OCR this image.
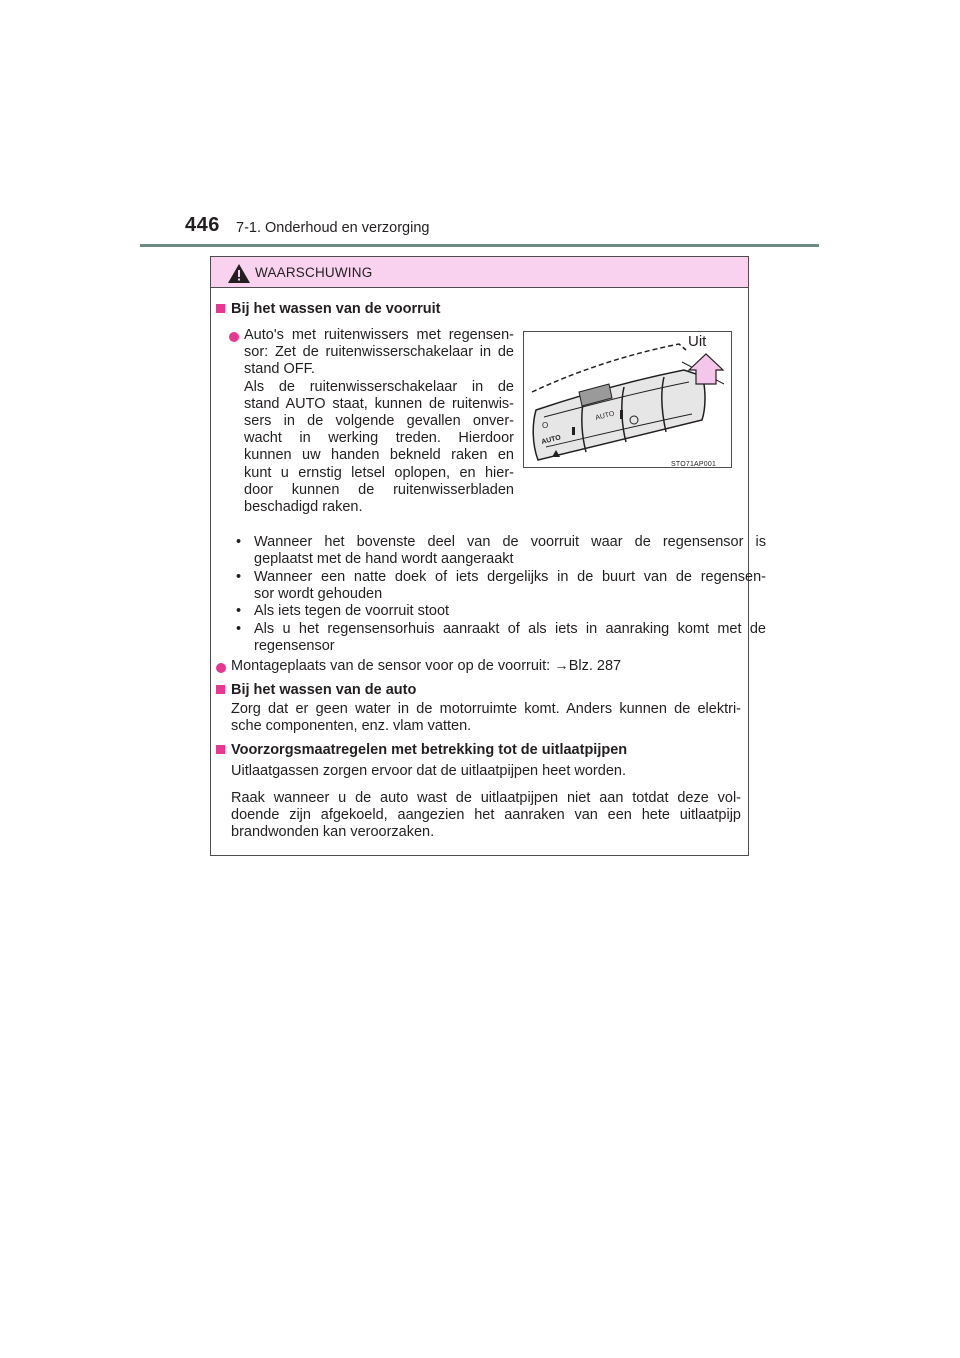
446 7-1. Onderhoud en verzorging
WAARSCHUWING
Bij het wassen van de voorruit
Auto's met ruitenwissers met regensen-
sor: Zet de ruitenwisserschakelaar in de
stand OFF.
Als de ruitenwisserschakelaar in de
stand AUTO staat, kunnen de ruitenwis-
sers in de volgende gevallen onver-
wacht in werking treden. Hierdoor
kunnen uw handen bekneld raken en
kunt u ernstig letsel oplopen, en hier-
door kunnen de ruitenwisserbladen
beschadigd raken.
AUTO
AUTO
O
Uit
STO71AP001
• Wanneer het bovenste deel van de voorruit waar de regensensor is
geplaatst met de hand wordt aangeraakt
• Wanneer een natte doek of iets dergelijks in de buurt van de regensen-
sor wordt gehouden
• Als iets tegen de voorruit stoot
• Als u het regensensorhuis aanraakt of als iets in aanraking komt met de
regensensor
Montageplaats van de sensor voor op de voorruit: →Blz. 287
Bij het wassen van de auto
Zorg dat er geen water in de motorruimte komt. Anders kunnen de elektri-
sche componenten, enz. vlam vatten.
Voorzorgsmaatregelen met betrekking tot de uitlaatpijpen
Uitlaatgassen zorgen ervoor dat de uitlaatpijpen heet worden.
Raak wanneer u de auto wast de uitlaatpijpen niet aan totdat deze vol-
doende zijn afgekoeld, aangezien het aanraken van een hete uitlaatpijp
brandwonden kan veroorzaken.
